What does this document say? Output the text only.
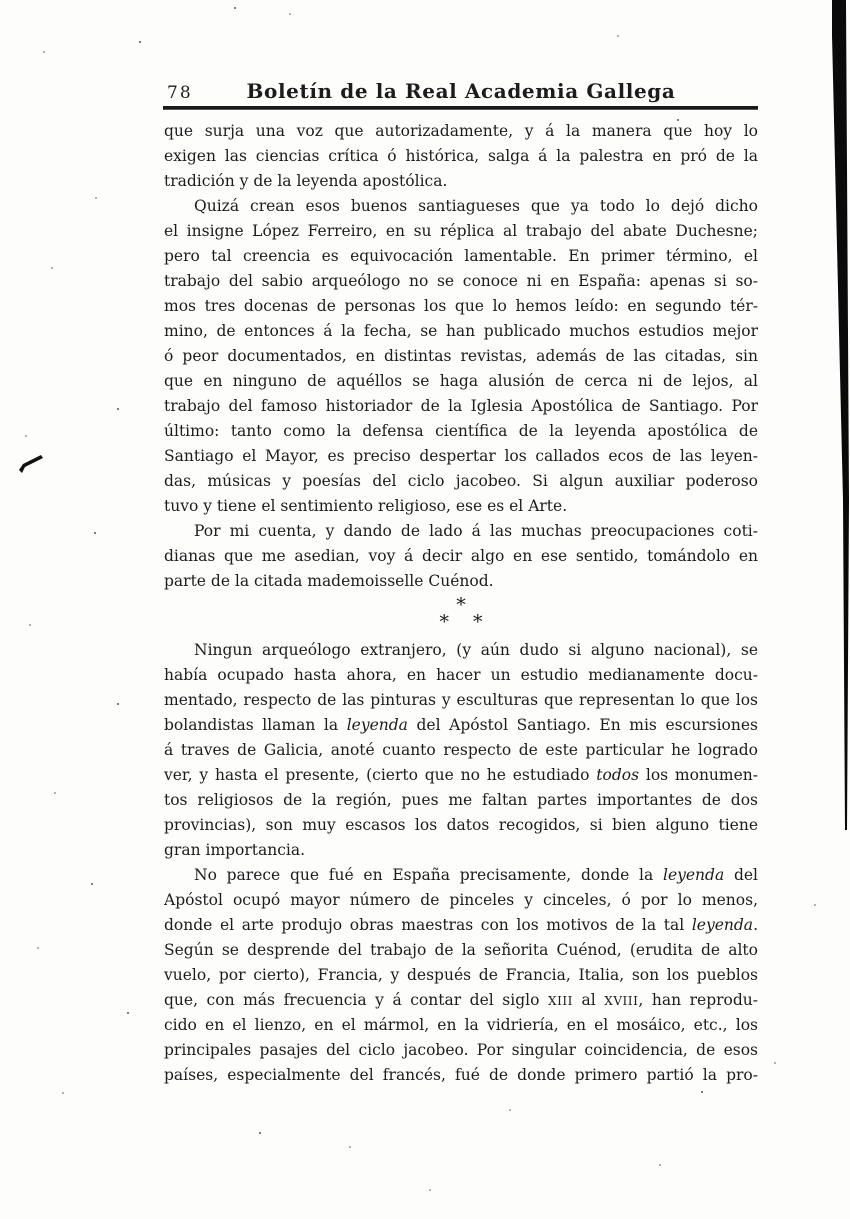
78	Boletín de la Real Academia Gallega
que surja una voz que autorizadamente, y á la manera que hoy lo
exigen las ciencias crítica ó histórica, salga á la palestra en pró de la
tradición y de la leyenda apostólica.
Quizá crean esos buenos santiagueses que ya todo lo dejó dicho
el insigne López Ferreiro, en su réplica al trabajo del abate Duchesne;
pero tal creencia es equivocación lamentable. En primer término, el
trabajo del sabio arqueólogo no se conoce ni en España: apenas si so-
mos tres docenas de personas los que lo hemos leído: en segundo tér-
mino, de entonces á la fecha, se han publicado muchos estudios mejor
ó peor documentados, en distintas revistas, además de las citadas, sin
que en ninguno de aquéllos se haga alusión de cerca ni de lejos, al
trabajo del famoso historiador de la Iglesia Apostólica de Santiago. Por
último: tanto como la defensa científica de la leyenda apostólica de
Santiago el Mayor, es preciso despertar los callados ecos de las leyen-
das, músicas y poesías del ciclo jacobeo. Si algun auxiliar poderoso
tuvo y tiene el sentimiento religioso, ese es el Arte.
Por mi cuenta, y dando de lado á las muchas preocupaciones coti-
dianas que me asedian, voy á decir algo en ese sentido, tomándolo en
parte de la citada mademoisselle Cuénod.
*
* *
Ningun arqueólogo extranjero, (y aún dudo si alguno nacional), se
había ocupado hasta ahora, en hacer un estudio medianamente docu-
mentado, respecto de las pinturas y esculturas que representan lo que los
bolandistas llaman la leyenda del Apóstol Santiago. En mis escursiones
á traves de Galicia, anoté cuanto respecto de este particular he logrado
ver, y hasta el presente, (cierto que no he estudiado todos los monumen-
tos religiosos de la región, pues me faltan partes importantes de dos
provincias), son muy escasos los datos recogidos, si bien alguno tiene
gran importancia.
No parece que fué en España precisamente, donde la leyenda del
Apóstol ocupó mayor número de pinceles y cinceles, ó por lo menos,
donde el arte produjo obras maestras con los motivos de la tal leyenda.
Según se desprende del trabajo de la señorita Cuénod, (erudita de alto
vuelo, por cierto), Francia, y después de Francia, Italia, son los pueblos
que, con más frecuencia y á contar del siglo XIII al XVIII, han reprodu-
cido en el lienzo, en el mármol, en la vidriería, en el mosáico, etc., los
principales pasajes del ciclo jacobeo. Por singular coincidencia, de esos
países, especialmente del francés, fué de donde primero partió la pro-
